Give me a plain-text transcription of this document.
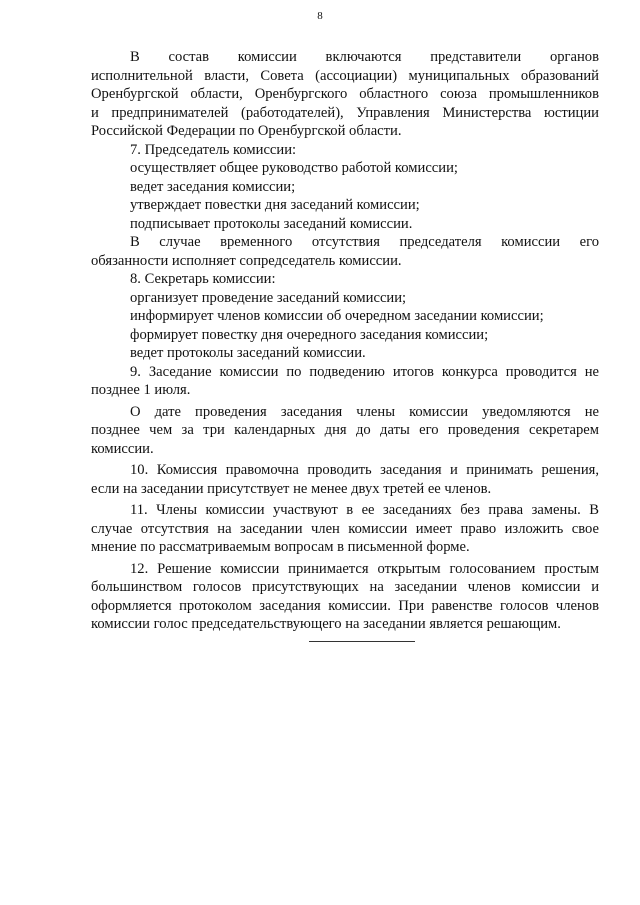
8

В состав комиссии включаются представители органов
исполнительной власти, Совета (ассоциации) муниципальных образований
Оренбургской области, Оренбургского областного союза промышленников
и предпринимателей (работодателей), Управления Министерства юстиции
Российской Федерации по Оренбургской области.

7. Председатель комиссии:

осуществляет общее руководство работой комиссии;

ведет заседания комиссии;

утверждает повестки дня заседаний комиссии;

подписывает протоколы заседаний комиссии.

В случае временного отсутствия председателя комиссии его
обязанности исполняет сопредседатель комиссии.

8. Секретарь комиссии:

организует проведение заседаний комиссии;

информирует членов комиссии об очередном заседании комиссии;

формирует повестку дня очередного заседания комиссии;

ведет протоколы заседаний комиссии.

9. Заседание комиссии по подведению итогов конкурса проводится не
позднее 1 июля.

О дате проведения заседания члены комиссии уведомляются не
позднее чем за три календарных дня до даты его проведения секретарем
комиссии.

10. Комиссия правомочна проводить заседания и принимать решения,
если на заседании присутствует не менее двух третей ее членов.

11. Члены комиссии участвуют в ее заседаниях без права замены. В
случае отсутствия на заседании член комиссии имеет право изложить свое
мнение по рассматриваемым вопросам в письменной форме.

12. Решение комиссии принимается открытым голосованием простым
большинством голосов присутствующих на заседании членов комиссии и
оформляется протоколом заседания комиссии. При равенстве голосов членов
комиссии голос председательствующего на заседании является решающим.
